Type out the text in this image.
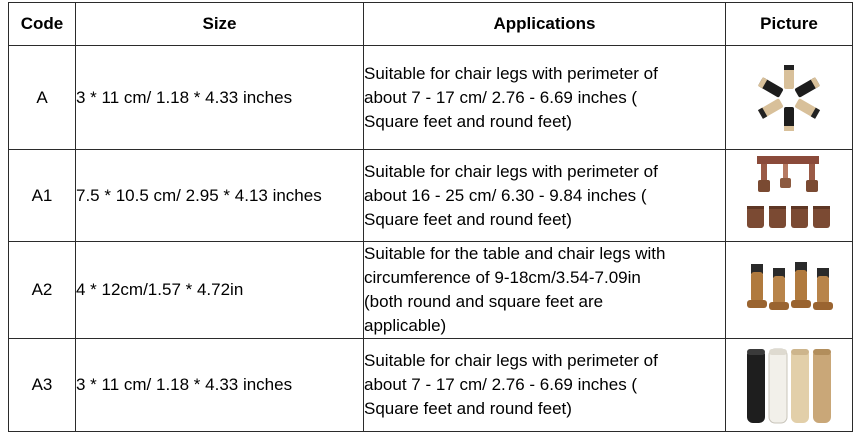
Code	Size	Applications	Picture
A	3 * 11 cm/ 1.18 * 4.33 inches	Suitable for chair legs with perimeter of
about 7 - 17 cm/ 2.76 - 6.69 inches (
Square feet and round feet)

A1	7.5 * 10.5 cm/ 2.95 * 4.13 inches	Suitable for chair legs with perimeter of
about 16 - 25 cm/ 6.30 - 9.84 inches (
Square feet and round feet)

A2	4 * 12cm/1.57 * 4.72in	Suitable for the table and chair legs with
circumference of 9-18cm/3.54-7.09in
(both round and square feet are
applicable)

A3	3 * 11 cm/ 1.18 * 4.33 inches	Suitable for chair legs with perimeter of
about 7 - 17 cm/ 2.76 - 6.69 inches (
Square feet and round feet)
